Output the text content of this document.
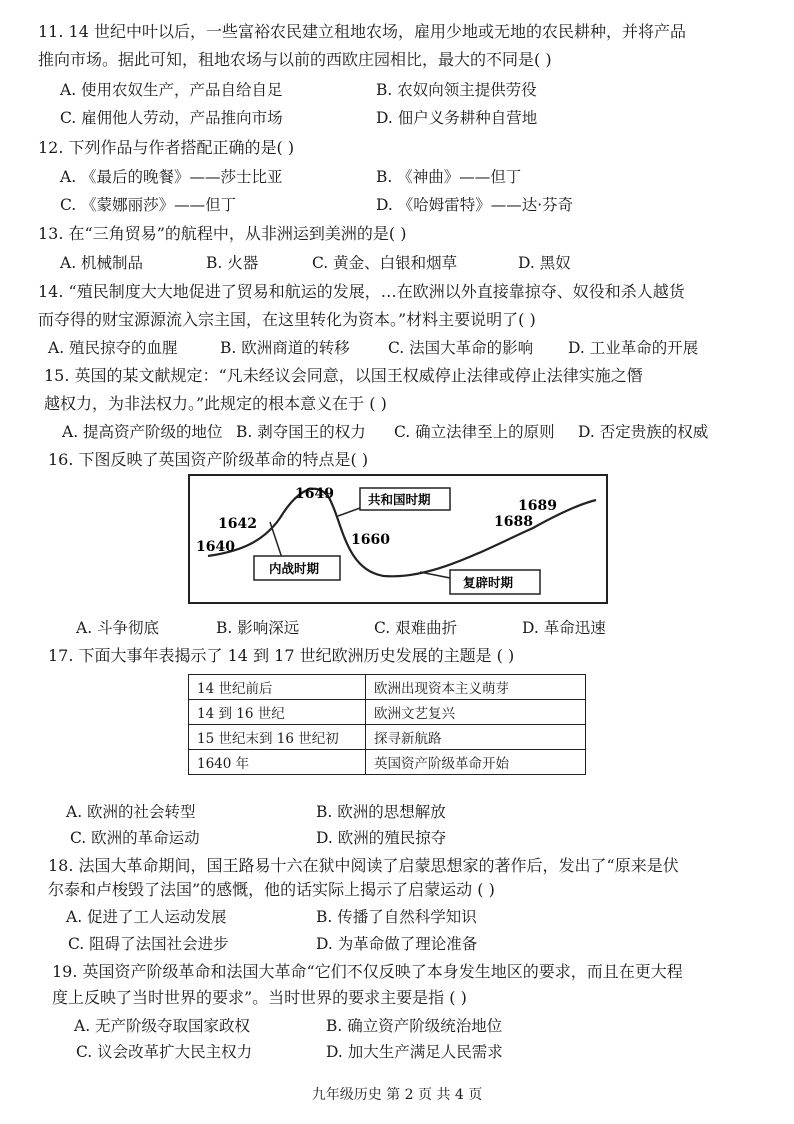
11. 14 世纪中叶以后，一些富裕农民建立租地农场，雇用少地或无地的农民耕种，并将产品
推向市场。据此可知，租地农场与以前的西欧庄园相比，最大的不同是( )
A. 使用农奴生产，产品自给自足	B. 农奴向领主提供劳役
C. 雇佣他人劳动，产品推向市场	D. 佃户义务耕种自营地
12. 下列作品与作者搭配正确的是( )
A. 《最后的晚餐》——莎士比亚	B. 《神曲》——但丁
C. 《蒙娜丽莎》——但丁	D. 《哈姆雷特》——达·芬奇
13. 在“三角贸易”的航程中，从非洲运到美洲的是( )
A. 机械制品	B. 火器	C. 黄金、白银和烟草	D. 黑奴
14. “殖民制度大大地促进了贸易和航运的发展，…在欧洲以外直接靠掠夺、奴役和杀人越货
而夺得的财宝源源流入宗主国，在这里转化为资本。”材料主要说明了( )
A. 殖民掠夺的血腥	B. 欧洲商道的转移 C. 法国大革命的影响 D. 工业革命的开展
15. 英国的某文献规定：“凡未经议会同意，以国王权威停止法律或停止法律实施之僭
越权力，为非法权力。”此规定的根本意义在于 ( )
A. 提高资产阶级的地位 B. 剥夺国王的权力 C. 确立法律至上的原则 D. 否定贵族的权威
16. 下图反映了英国资产阶级革命的特点是( )
1640
1642
1649
1660
1688
1689
内战时期
共和国时期
复辟时期
A. 斗争彻底	B. 影响深远	C. 艰难曲折	D. 革命迅速
17. 下面大事年表揭示了 14 到 17 世纪欧洲历史发展的主题是 ( )
14 世纪前后	欧洲出现资本主义萌芽
14 到 16 世纪	欧洲文艺复兴
15 世纪末到 16 世纪初	探寻新航路
1640 年	英国资产阶级革命开始
A. 欧洲的社会转型	B. 欧洲的思想解放
C. 欧洲的革命运动	D. 欧洲的殖民掠夺
18. 法国大革命期间，国王路易十六在狱中阅读了启蒙思想家的著作后，发出了“原来是伏
尔泰和卢梭毁了法国”的感慨，他的话实际上揭示了启蒙运动 ( )
A. 促进了工人运动发展	B. 传播了自然科学知识
C. 阻碍了法国社会进步	D. 为革命做了理论准备
19. 英国资产阶级革命和法国大革命“它们不仅反映了本身发生地区的要求，而且在更大程
度上反映了当时世界的要求”。当时世界的要求主要是指 ( )
A. 无产阶级夺取国家政权	B. 确立资产阶级统治地位
C. 议会改革扩大民主权力	D. 加大生产满足人民需求
九年级历史 第 2 页 共 4 页
